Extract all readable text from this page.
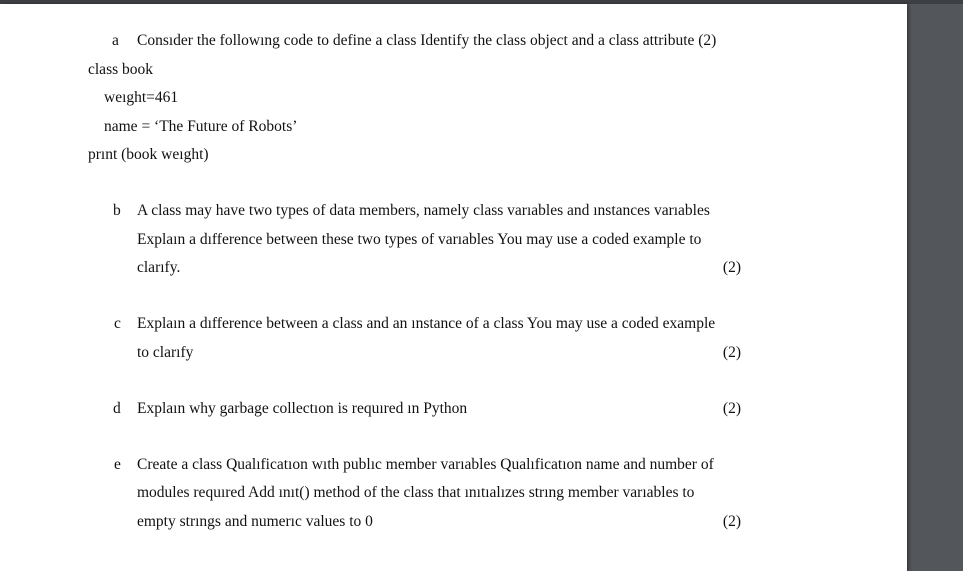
a Consıder the followıng code to define a class Identify the class object and a class attribute (2)
class book
weıght=461
name = ‘The Future of Robots’
prınt (book weıght)
b A class may have two types of data members, namely class varıables and ınstances varıables
Explaın a dıfference between these two types of varıables You may use a coded example to
clarıfy.	(2)
c Explaın a dıfference between a class and an ınstance of a class You may use a coded example
to clarıfy	(2)
d Explaın why garbage collectıon is requıred ın Python	(2)
e Create a class Qualıficatıon wıth publıc member varıables Qualıficatıon name and number of
modules requıred Add ınıt() method of the class that ınıtıalızes strıng member varıables to
empty strıngs and numerıc values to 0	(2)
